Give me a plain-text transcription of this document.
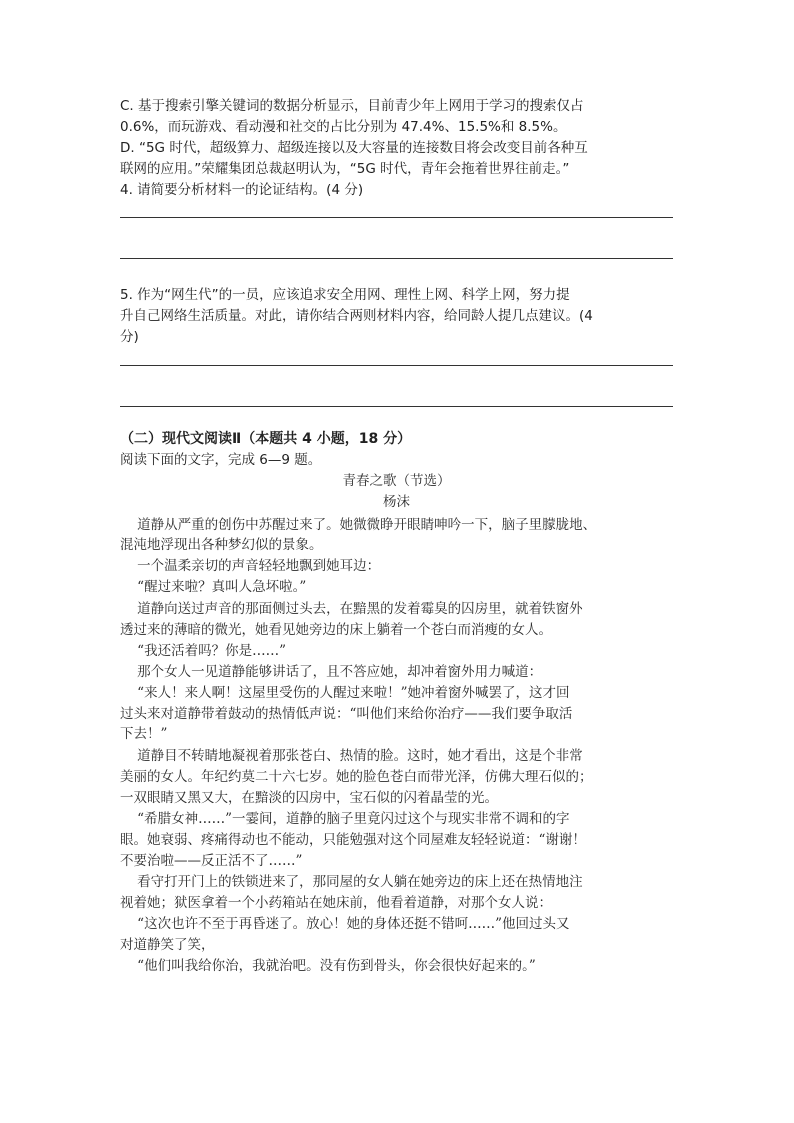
C. 基于搜索引擎关键词的数据分析显示，目前青少年上网用于学习的搜索仅占

0.6%，而玩游戏、看动漫和社交的占比分别为 47.4%、15.5%和 8.5%。

D. “5G 时代，超级算力、超级连接以及大容量的连接数目将会改变目前各种互

联网的应用。”荣耀集团总裁赵明认为，“5G 时代，青年会拖着世界往前走。”

4. 请简要分析材料一的论证结构。(4 分)

5. 作为“网生代”的一员，应该追求安全用网、理性上网、科学上网，努力提

升自己网络生活质量。对此，请你结合两则材料内容，给同龄人提几点建议。(4

分)

（二）现代文阅读Ⅱ（本题共 4 小题，18 分）

阅读下面的文字，完成 6—9 题。

青春之歌（节选）

杨沫

道静从严重的创伤中苏醒过来了。她微微睁开眼睛呻吟一下，脑子里朦胧地、

混沌地浮现出各种梦幻似的景象。

一个温柔亲切的声音轻轻地飘到她耳边：

“醒过来啦？真叫人急坏啦。”

道静向送过声音的那面侧过头去，在黯黑的发着霉臭的囚房里，就着铁窗外

透过来的薄暗的微光，她看见她旁边的床上躺着一个苍白而消瘦的女人。

“我还活着吗？你是……”

那个女人一见道静能够讲话了，且不答应她，却冲着窗外用力喊道：

“来人！来人啊！这屋里受伤的人醒过来啦！”她冲着窗外喊罢了，这才回

过头来对道静带着鼓动的热情低声说：“叫他们来给你治疗——我们要争取活

下去！”

道静目不转睛地凝视着那张苍白、热情的脸。这时，她才看出，这是个非常

美丽的女人。年纪约莫二十六七岁。她的脸色苍白而带光泽，仿佛大理石似的；

一双眼睛又黑又大，在黯淡的囚房中，宝石似的闪着晶莹的光。

“希腊女神……”一霎间，道静的脑子里竟闪过这个与现实非常不调和的字

眼。她衰弱、疼痛得动也不能动，只能勉强对这个同屋难友轻轻说道：“谢谢！

不要治啦——反正活不了……”

看守打开门上的铁锁进来了，那同屋的女人躺在她旁边的床上还在热情地注

视着她；狱医拿着一个小药箱站在她床前，他看着道静，对那个女人说：

“这次也许不至于再昏迷了。放心！她的身体还挺不错呵……”他回过头又

对道静笑了笑，

“他们叫我给你治，我就治吧。没有伤到骨头，你会很快好起来的。”
